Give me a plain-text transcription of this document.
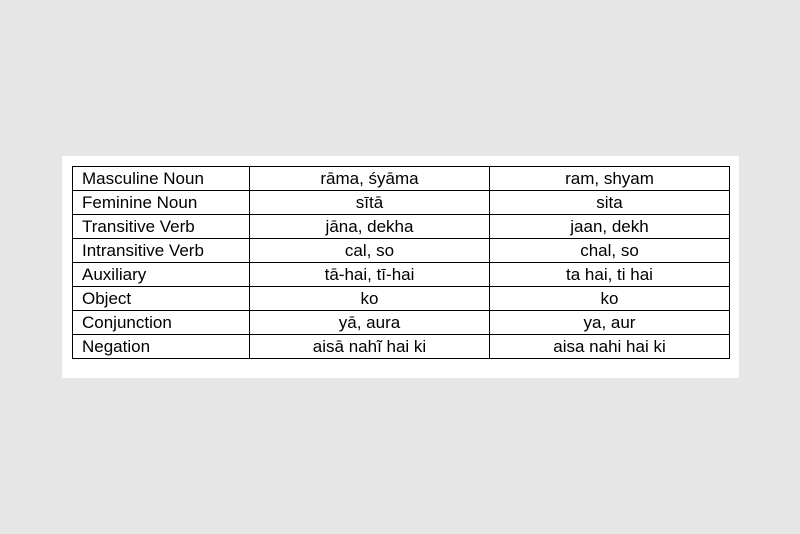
Masculine Noun	rāma, śyāma	ram, shyam
Feminine Noun	sītā	sita
Transitive Verb	jāna, dekha	jaan, dekh
Intransitive Verb	cal, so	chal, so
Auxiliary	tā-hai, tī-hai	ta hai, ti hai
Object	ko	ko
Conjunction	yā, aura	ya, aur
Negation	aisā nahĩ hai ki	aisa nahi hai ki
